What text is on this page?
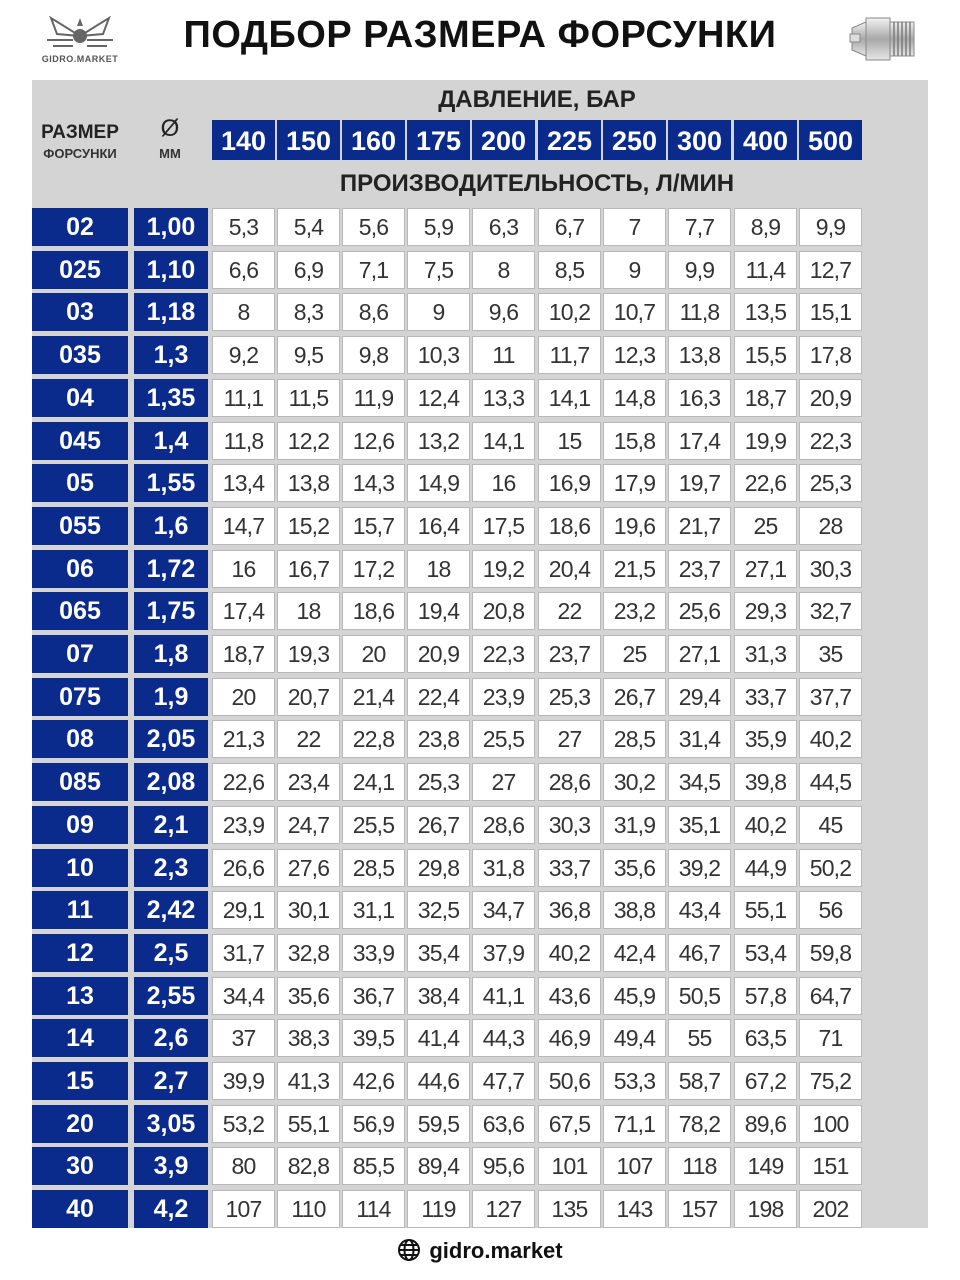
GIDRO.MARKET
ПОДБОР РАЗМЕРА ФОРСУНКИ
РАЗМЕР
ФОРСУНКИ
Ø
ММ
ДАВЛЕНИЕ, БАР
140 150 160 175 200 225 250 300 400 500
ПРОИЗВОДИТЕЛЬНОСТЬ, Л/МИН
02	1,00	5,3	5,4	5,6	5,9	6,3	6,7	7	7,7	8,9	9,9
025	1,10	6,6	6,9	7,1	7,5	8	8,5	9	9,9	11,4	12,7
03	1,18	8	8,3	8,6	9	9,6	10,2	10,7	11,8	13,5	15,1
035	1,3	9,2	9,5	9,8	10,3	11	11,7	12,3	13,8	15,5	17,8
04	1,35	11,1	11,5	11,9	12,4	13,3	14,1	14,8	16,3	18,7	20,9
045	1,4	11,8	12,2	12,6	13,2	14,1	15	15,8	17,4	19,9	22,3
05	1,55	13,4	13,8	14,3	14,9	16	16,9	17,9	19,7	22,6	25,3
055	1,6	14,7	15,2	15,7	16,4	17,5	18,6	19,6	21,7	25	28
06	1,72	16	16,7	17,2	18	19,2	20,4	21,5	23,7	27,1	30,3
065	1,75	17,4	18	18,6	19,4	20,8	22	23,2	25,6	29,3	32,7
07	1,8	18,7	19,3	20	20,9	22,3	23,7	25	27,1	31,3	35
075	1,9	20	20,7	21,4	22,4	23,9	25,3	26,7	29,4	33,7	37,7
08	2,05	21,3	22	22,8	23,8	25,5	27	28,5	31,4	35,9	40,2
085	2,08	22,6	23,4	24,1	25,3	27	28,6	30,2	34,5	39,8	44,5
09	2,1	23,9	24,7	25,5	26,7	28,6	30,3	31,9	35,1	40,2	45
10	2,3	26,6	27,6	28,5	29,8	31,8	33,7	35,6	39,2	44,9	50,2
11	2,42	29,1	30,1	31,1	32,5	34,7	36,8	38,8	43,4	55,1	56
12	2,5	31,7	32,8	33,9	35,4	37,9	40,2	42,4	46,7	53,4	59,8
13	2,55	34,4	35,6	36,7	38,4	41,1	43,6	45,9	50,5	57,8	64,7
14	2,6	37	38,3	39,5	41,4	44,3	46,9	49,4	55	63,5	71
15	2,7	39,9	41,3	42,6	44,6	47,7	50,6	53,3	58,7	67,2	75,2
20	3,05	53,2	55,1	56,9	59,5	63,6	67,5	71,1	78,2	89,6	100
30	3,9	80	82,8	85,5	89,4	95,6	101	107	118	149	151
40	4,2	107	110	114	119	127	135	143	157	198	202
gidro.market
